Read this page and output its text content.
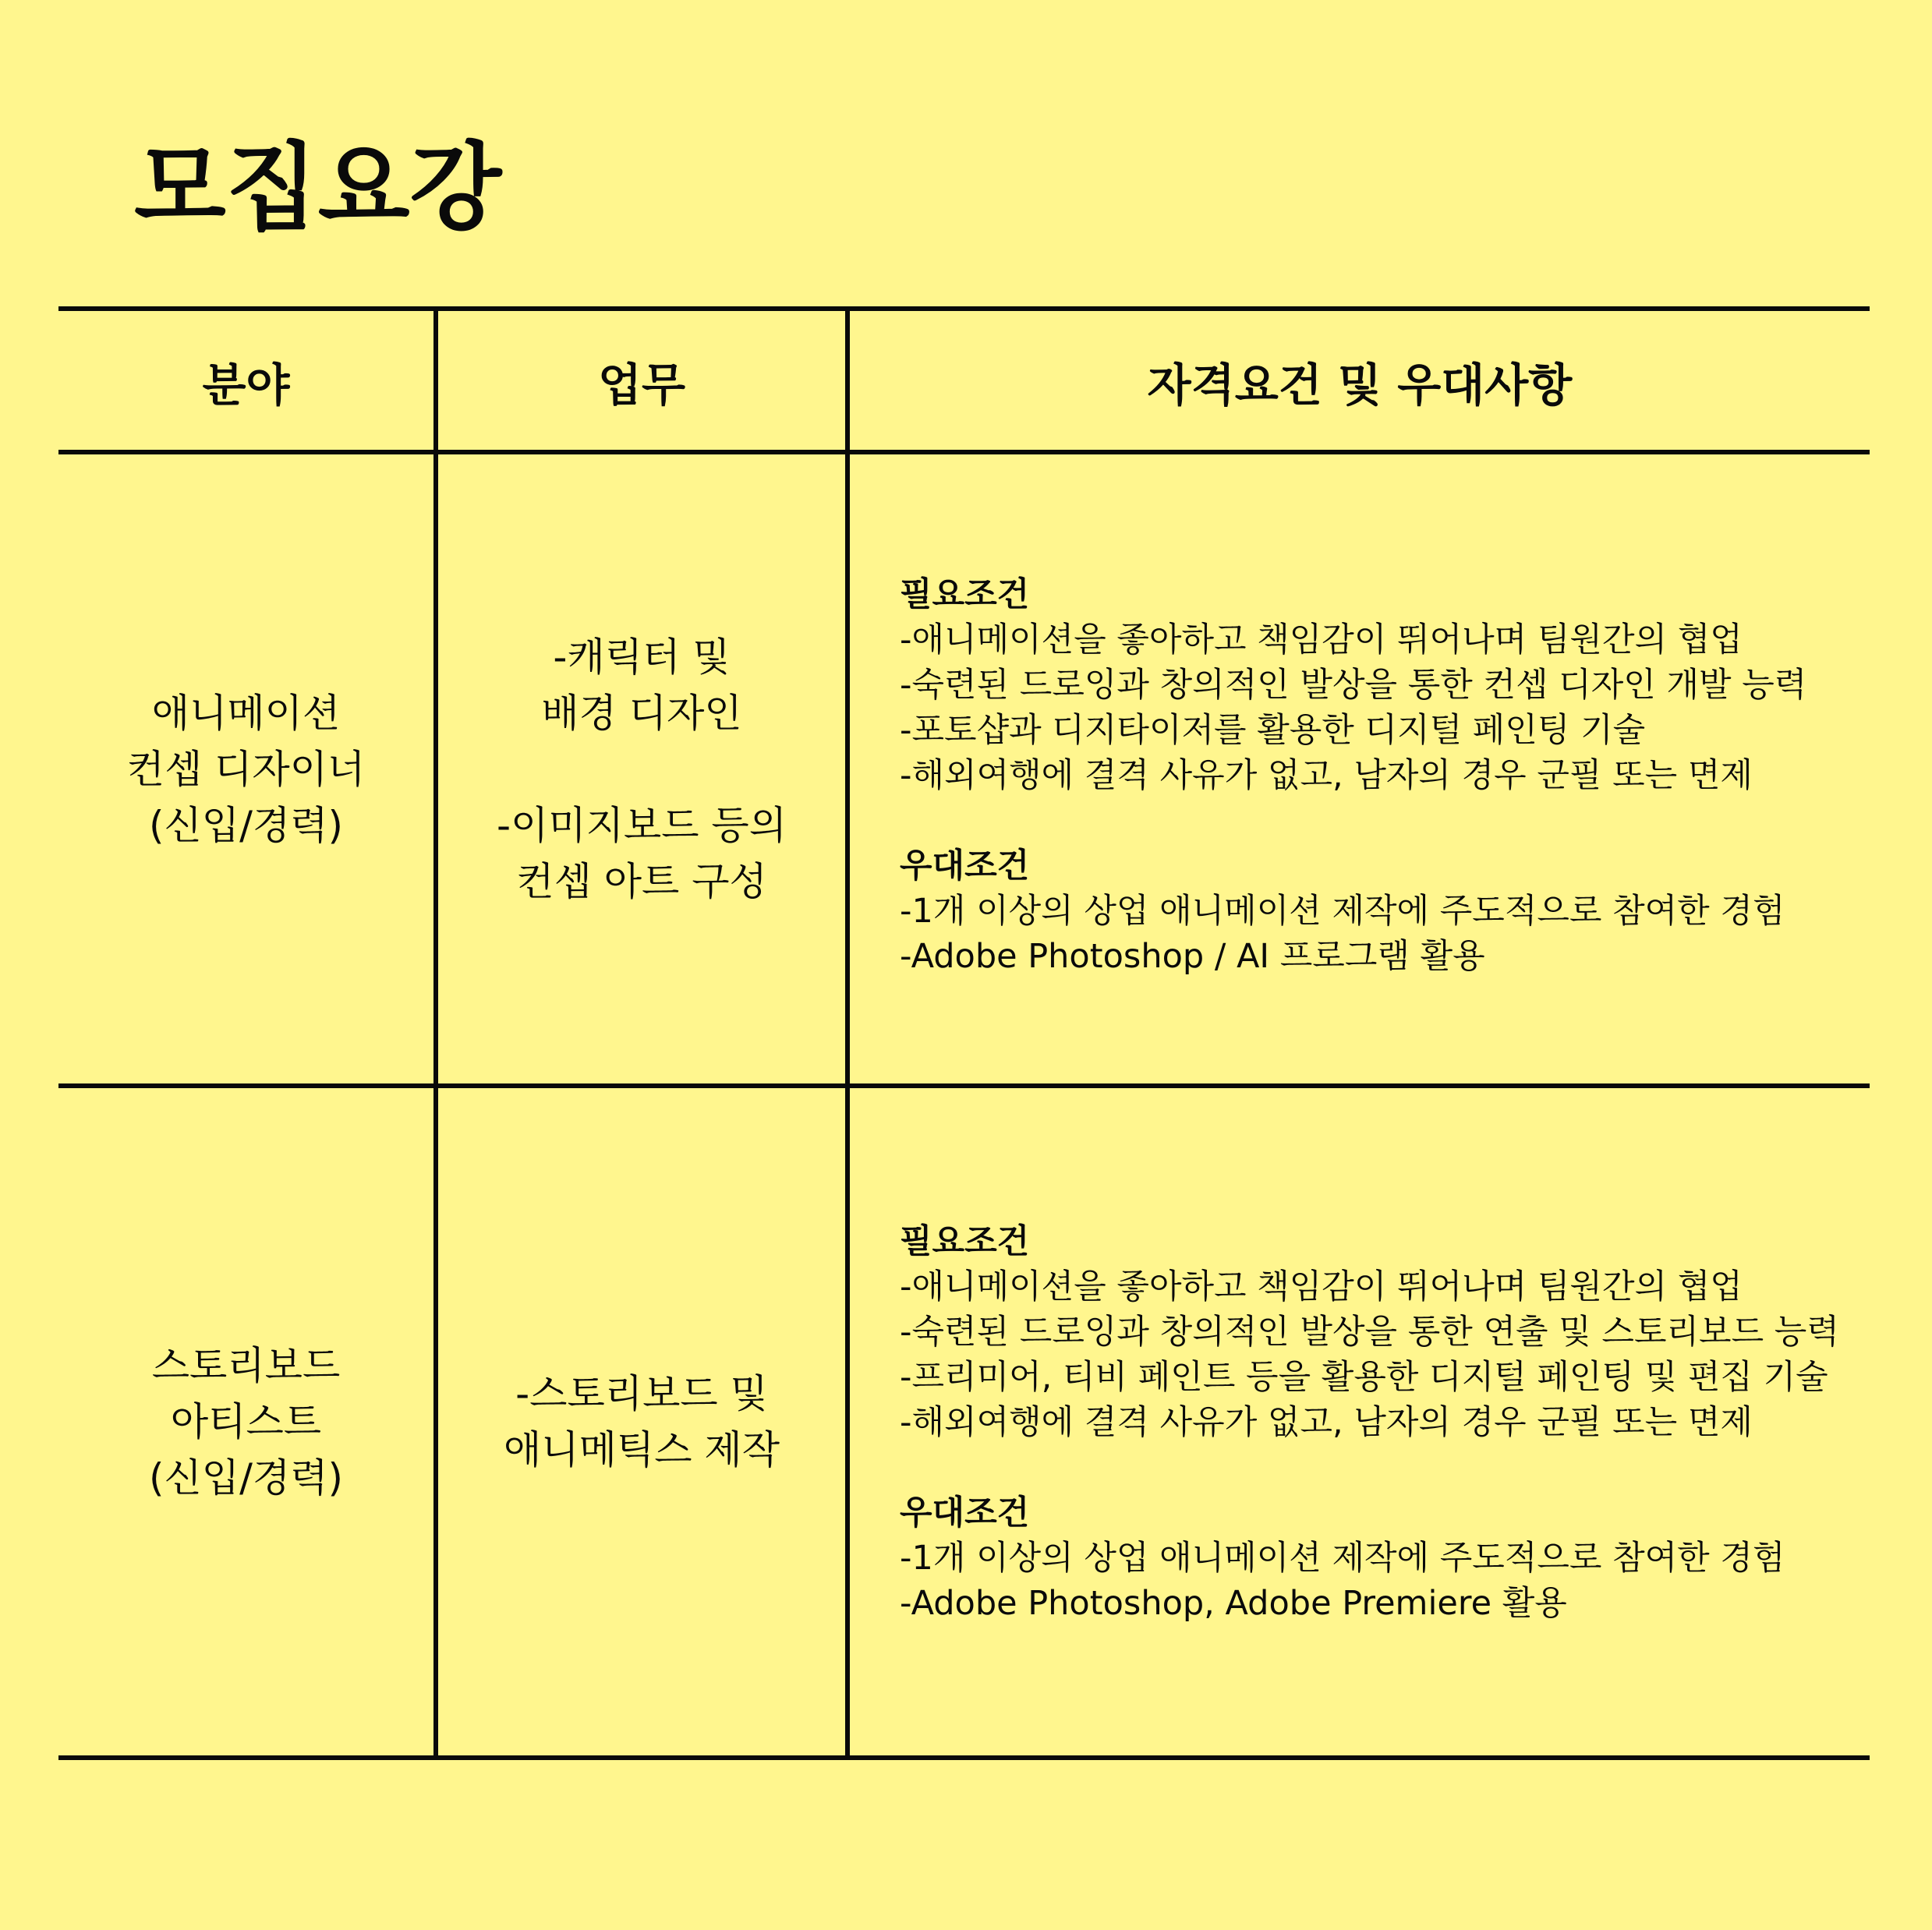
모집요강
분야	업무	자격요건 및 우대사항
애니메이션
컨셉 디자이너
(신입/경력)
-캐릭터 및
배경 디자인
-이미지보드 등의
컨셉 아트 구성
필요조건
-애니메이션을 좋아하고 책임감이 뛰어나며 팀원간의 협업
-숙련된 드로잉과 창의적인 발상을 통한 컨셉 디자인 개발 능력
-포토샵과 디지타이저를 활용한 디지털 페인팅 기술
-해외여행에 결격 사유가 없고, 남자의 경우 군필 또는 면제
우대조건
-1개 이상의 상업 애니메이션 제작에 주도적으로 참여한 경험
-Adobe Photoshop / AI 프로그램 활용
스토리보드
아티스트
(신입/경력)
-스토리보드 및
애니메틱스 제작
필요조건
-애니메이션을 좋아하고 책임감이 뛰어나며 팀원간의 협업
-숙련된 드로잉과 창의적인 발상을 통한 연출 및 스토리보드 능력
-프리미어, 티비 페인트 등을 활용한 디지털 페인팅 및 편집 기술
-해외여행에 결격 사유가 없고, 남자의 경우 군필 또는 면제
우대조건
-1개 이상의 상업 애니메이션 제작에 주도적으로 참여한 경험
-Adobe Photoshop, Adobe Premiere 활용
